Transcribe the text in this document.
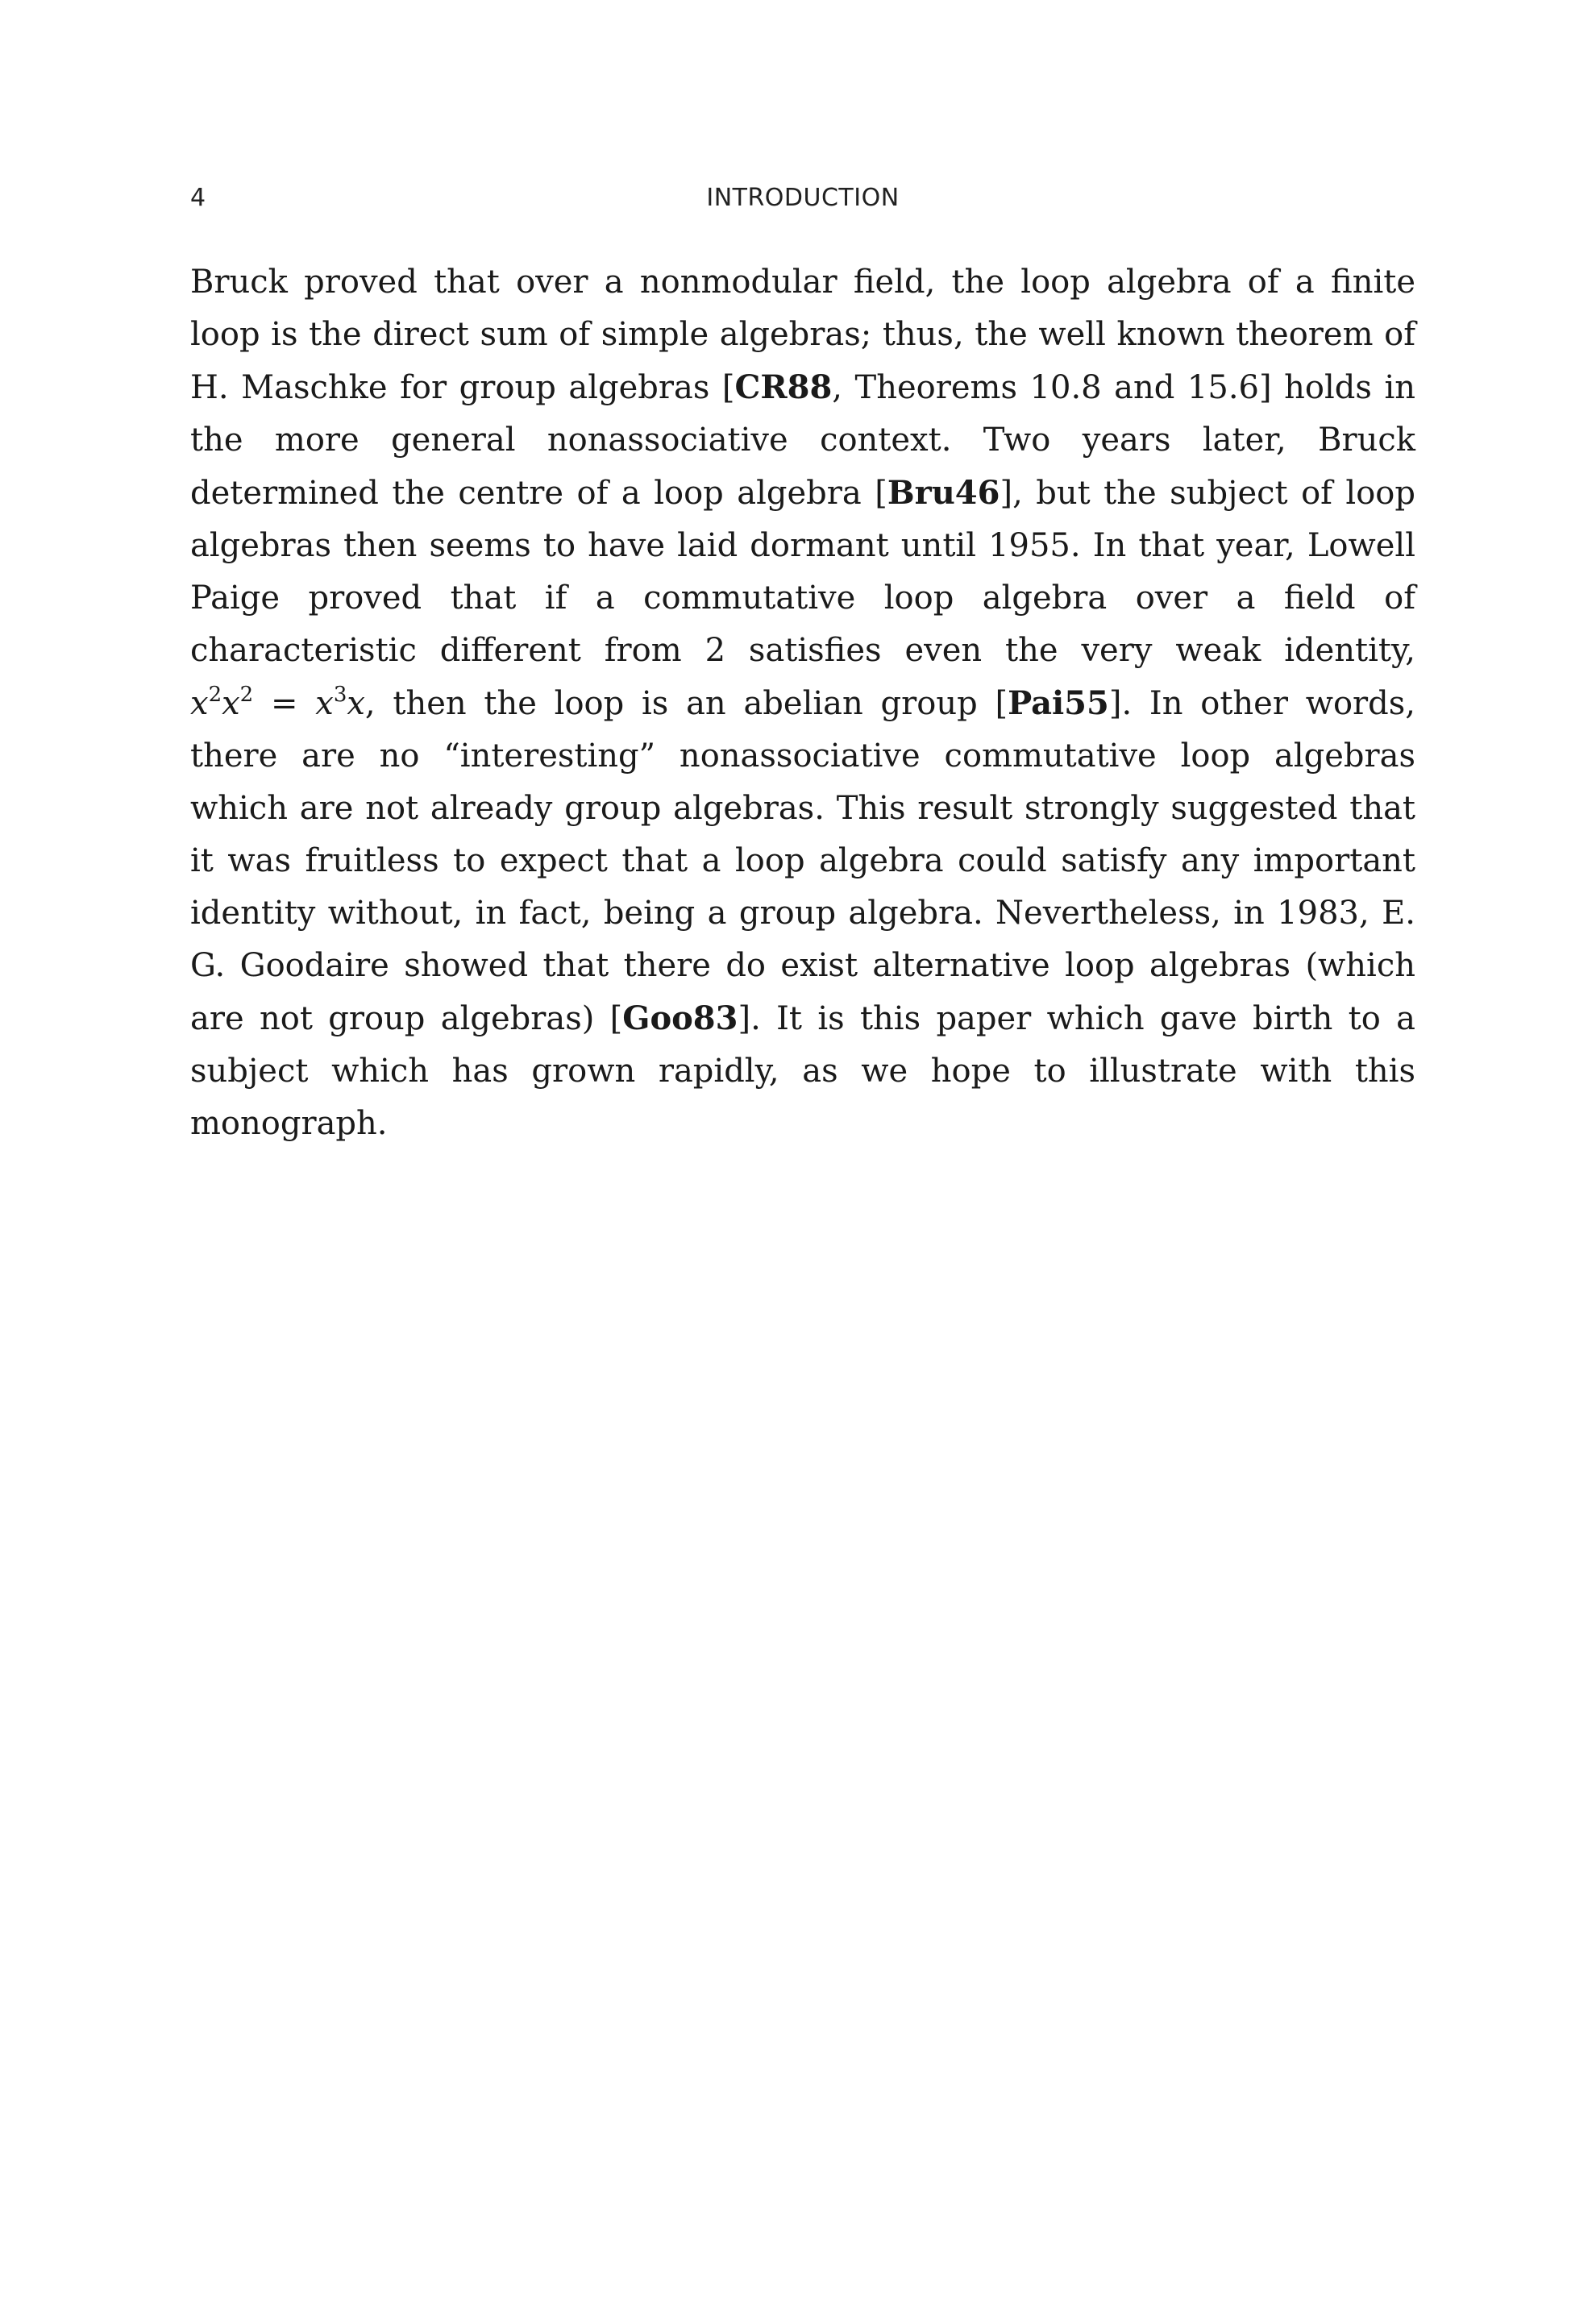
4	INTRODUCTION

Bruck proved that over a nonmodular field, the loop algebra of a finite loop is the direct sum of simple algebras; thus, the well known theorem of H. Maschke for group algebras [CR88, Theorems 10.8 and 15.6] holds in the more general nonassociative context. Two years later, Bruck determined the centre of a loop algebra [Bru46], but the subject of loop algebras then seems to have laid dormant until 1955. In that year, Lowell Paige proved that if a commutative loop algebra over a field of characteristic different from 2 satisfies even the very weak identity, $x^2x^2 = x^3x$, then the loop is an abelian group [Pai55]. In other words, there are no “interesting” nonassociative commutative loop algebras which are not already group algebras. This result strongly suggested that it was fruitless to expect that a loop algebra could satisfy any important identity without, in fact, being a group algebra. Nevertheless, in 1983, E. G. Goodaire showed that there do exist alternative loop algebras (which are not group algebras) [Goo83]. It is this paper which gave birth to a subject which has grown rapidly, as we hope to illustrate with this monograph.
